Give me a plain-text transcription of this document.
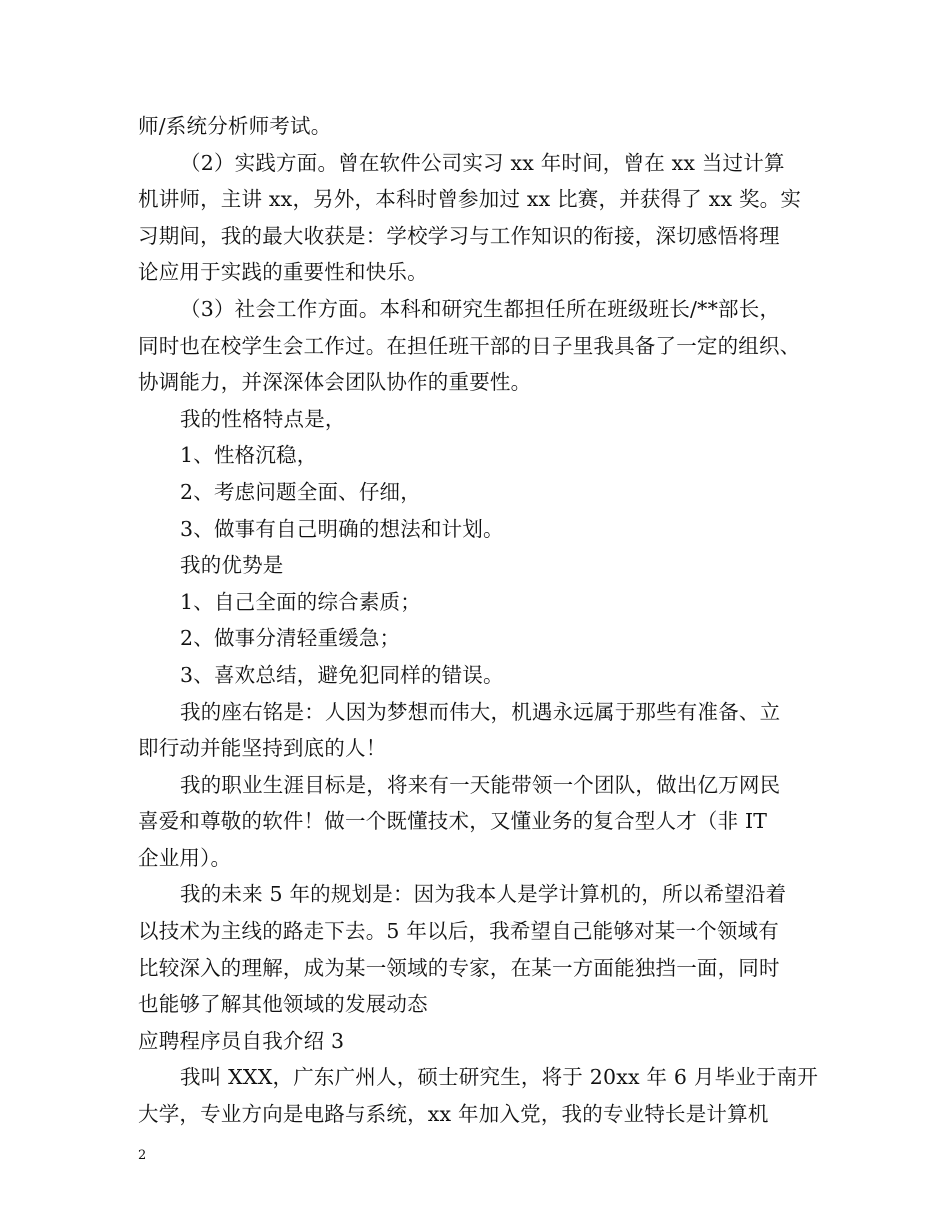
师/系统分析师考试。

（2）实践方面。曾在软件公司实习 xx 年时间，曾在 xx 当过计算

机讲师，主讲 xx，另外，本科时曾参加过 xx 比赛，并获得了 xx 奖。实

习期间，我的最大收获是：学校学习与工作知识的衔接，深切感悟将理

论应用于实践的重要性和快乐。

（3）社会工作方面。本科和研究生都担任所在班级班长/**部长，

同时也在校学生会工作过。在担任班干部的日子里我具备了一定的组织、

协调能力，并深深体会团队协作的重要性。

我的性格特点是，

1、性格沉稳，

2、考虑问题全面、仔细，

3、做事有自己明确的想法和计划。

我的优势是

1、自己全面的综合素质；

2、做事分清轻重缓急；

3、喜欢总结，避免犯同样的错误。

我的座右铭是：人因为梦想而伟大，机遇永远属于那些有准备、立

即行动并能坚持到底的人！

我的职业生涯目标是，将来有一天能带领一个团队，做出亿万网民

喜爱和尊敬的软件！做一个既懂技术，又懂业务的复合型人才（非 IT

企业用）。

我的未来 5 年的规划是：因为我本人是学计算机的，所以希望沿着

以技术为主线的路走下去。5 年以后，我希望自己能够对某一个领域有

比较深入的理解，成为某一领域的专家，在某一方面能独挡一面，同时

也能够了解其他领域的发展动态

应聘程序员自我介绍 3

我叫 XXX，广东广州人，硕士研究生，将于 20xx 年 6 月毕业于南开

大学，专业方向是电路与系统，xx 年加入党，我的专业特长是计算机

2
